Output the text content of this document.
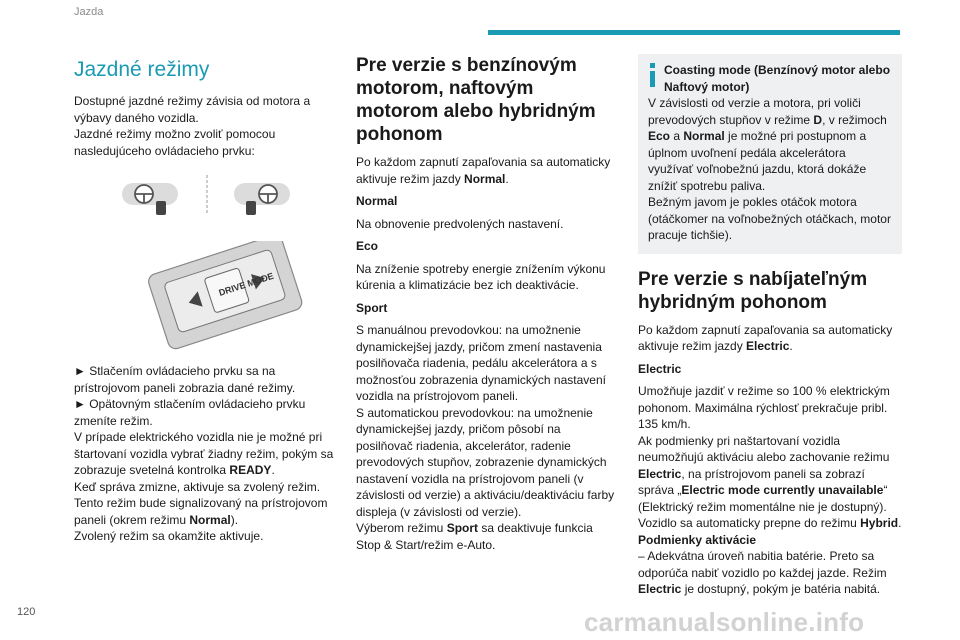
Jazda
Jazdné režimy

Dostupné jazdné režimy závisia od motora a výbavy daného vozidla.

Jazdné režimy možno zvoliť pomocou nasledujúceho ovládacieho prvku:

DRIVE MODE

► Stlačením ovládacieho prvku sa na prístrojovom paneli zobrazia dané režimy.

► Opätovným stlačením ovládacieho prvku zmeníte režim.

V prípade elektrického vozidla nie je možné pri štartovaní vozidla vybrať žiadny režim, pokým sa zobrazuje svetelná kontrolka READY.

Keď správa zmizne, aktivuje sa zvolený režim.

Tento režim bude signalizovaný na prístrojovom paneli (okrem režimu Normal).

Zvolený režim sa okamžite aktivuje.

Pre verzie s benzínovým motorom, naftovým motorom alebo hybridným pohonom

Po každom zapnutí zapaľovania sa automaticky aktivuje režim jazdy Normal.

Normal

Na obnovenie predvolených nastavení.

Eco

Na zníženie spotreby energie znížením výkonu kúrenia a klimatizácie bez ich deaktivácie.

Sport

S manuálnou prevodovkou: na umožnenie dynamickejšej jazdy, pričom zmení nastavenia posilňovača riadenia, pedálu akcelerátora a s možnosťou zobrazenia dynamických nastavení vozidla na prístrojovom paneli.

S automatickou prevodovkou: na umožnenie dynamickejšej jazdy, pričom pôsobí na posilňovač riadenia, akcelerátor, radenie prevodových stupňov, zobrazenie dynamických nastavení vozidla na prístrojovom paneli (v závislosti od verzie) a aktiváciu/deaktiváciu farby displeja (v závislosti od verzie).

Výberom režimu Sport sa deaktivuje funkcia Stop & Start/režim e-Auto.

Coasting mode (Benzínový motor alebo Naftový motor)

V závislosti od verzie a motora, pri voliči prevodových stupňov v režime D, v režimoch Eco a Normal je možné pri postupnom a úplnom uvoľnení pedála akcelerátora využívať voľnobežnú jazdu, ktorá dokáže znížiť spotrebu paliva.

Bežným javom je pokles otáčok motora (otáčkomer na voľnobežných otáčkach, motor pracuje tichšie).

Pre verzie s nabíjateľným hybridným pohonom

Po každom zapnutí zapaľovania sa automaticky aktivuje režim jazdy Electric.

Electric

Umožňuje jazdiť v režime so 100 % elektrickým pohonom. Maximálna rýchlosť prekračuje pribl. 135 km/h.

Ak podmienky pri naštartovaní vozidla neumožňujú aktiváciu alebo zachovanie režimu Electric, na prístrojovom paneli sa zobrazí správa „Electric mode currently unavailable“ (Elektrický režim momentálne nie je dostupný).

Vozidlo sa automaticky prepne do režimu Hybrid.

Podmienky aktivácie

– Adekvátna úroveň nabitia batérie. Preto sa odporúča nabiť vozidlo po každej jazde. Režim Electric je dostupný, pokým je batéria nabitá.

120	carmanualsonline.info
